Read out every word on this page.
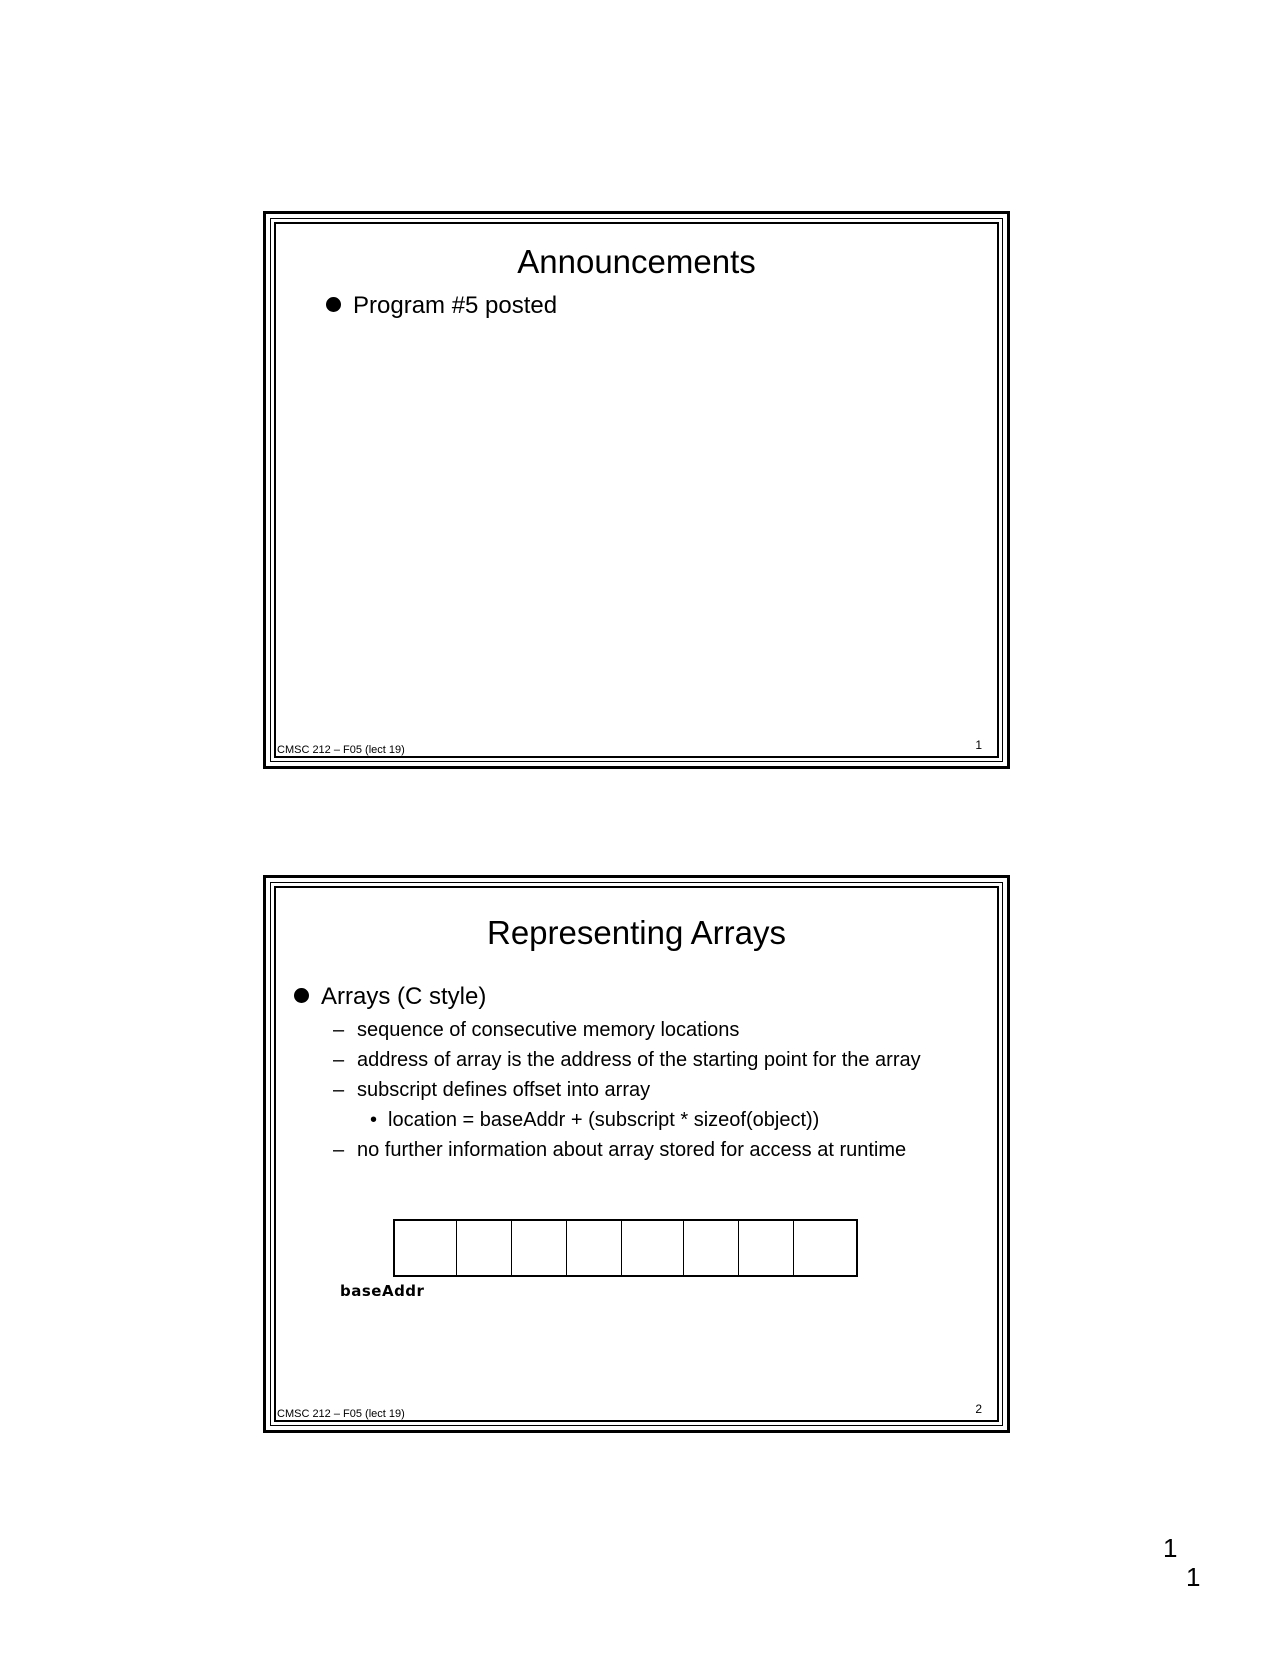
Announcements
Program #5 posted
CMSC 212 – F05 (lect 19)	1
Representing Arrays
Arrays (C style)
– sequence of consecutive memory locations
– address of array is the address of the starting point for the array
– subscript defines offset into array
• location = baseAddr + (subscript * sizeof(object))
– no further information about array stored for access at runtime
baseAddr
CMSC 212 – F05 (lect 19)	2
1
1
